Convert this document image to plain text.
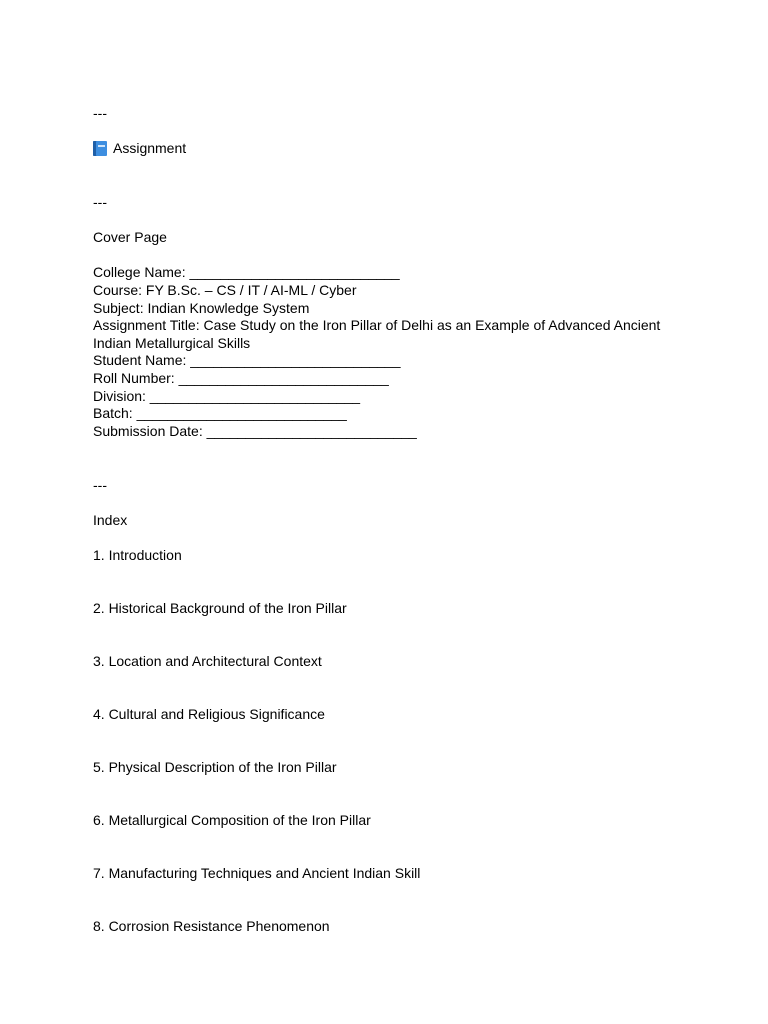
---
Assignment
---
Cover Page
College Name: ___________________________
Course: FY B.Sc. – CS / IT / AI-ML / Cyber
Subject: Indian Knowledge System
Assignment Title: Case Study on the Iron Pillar of Delhi as an Example of Advanced Ancient
Indian Metallurgical Skills
Student Name: ___________________________
Roll Number: ___________________________
Division: ___________________________
Batch: ___________________________
Submission Date: ___________________________
---
Index
1. Introduction
2. Historical Background of the Iron Pillar
3. Location and Architectural Context
4. Cultural and Religious Significance
5. Physical Description of the Iron Pillar
6. Metallurgical Composition of the Iron Pillar
7. Manufacturing Techniques and Ancient Indian Skill
8. Corrosion Resistance Phenomenon
